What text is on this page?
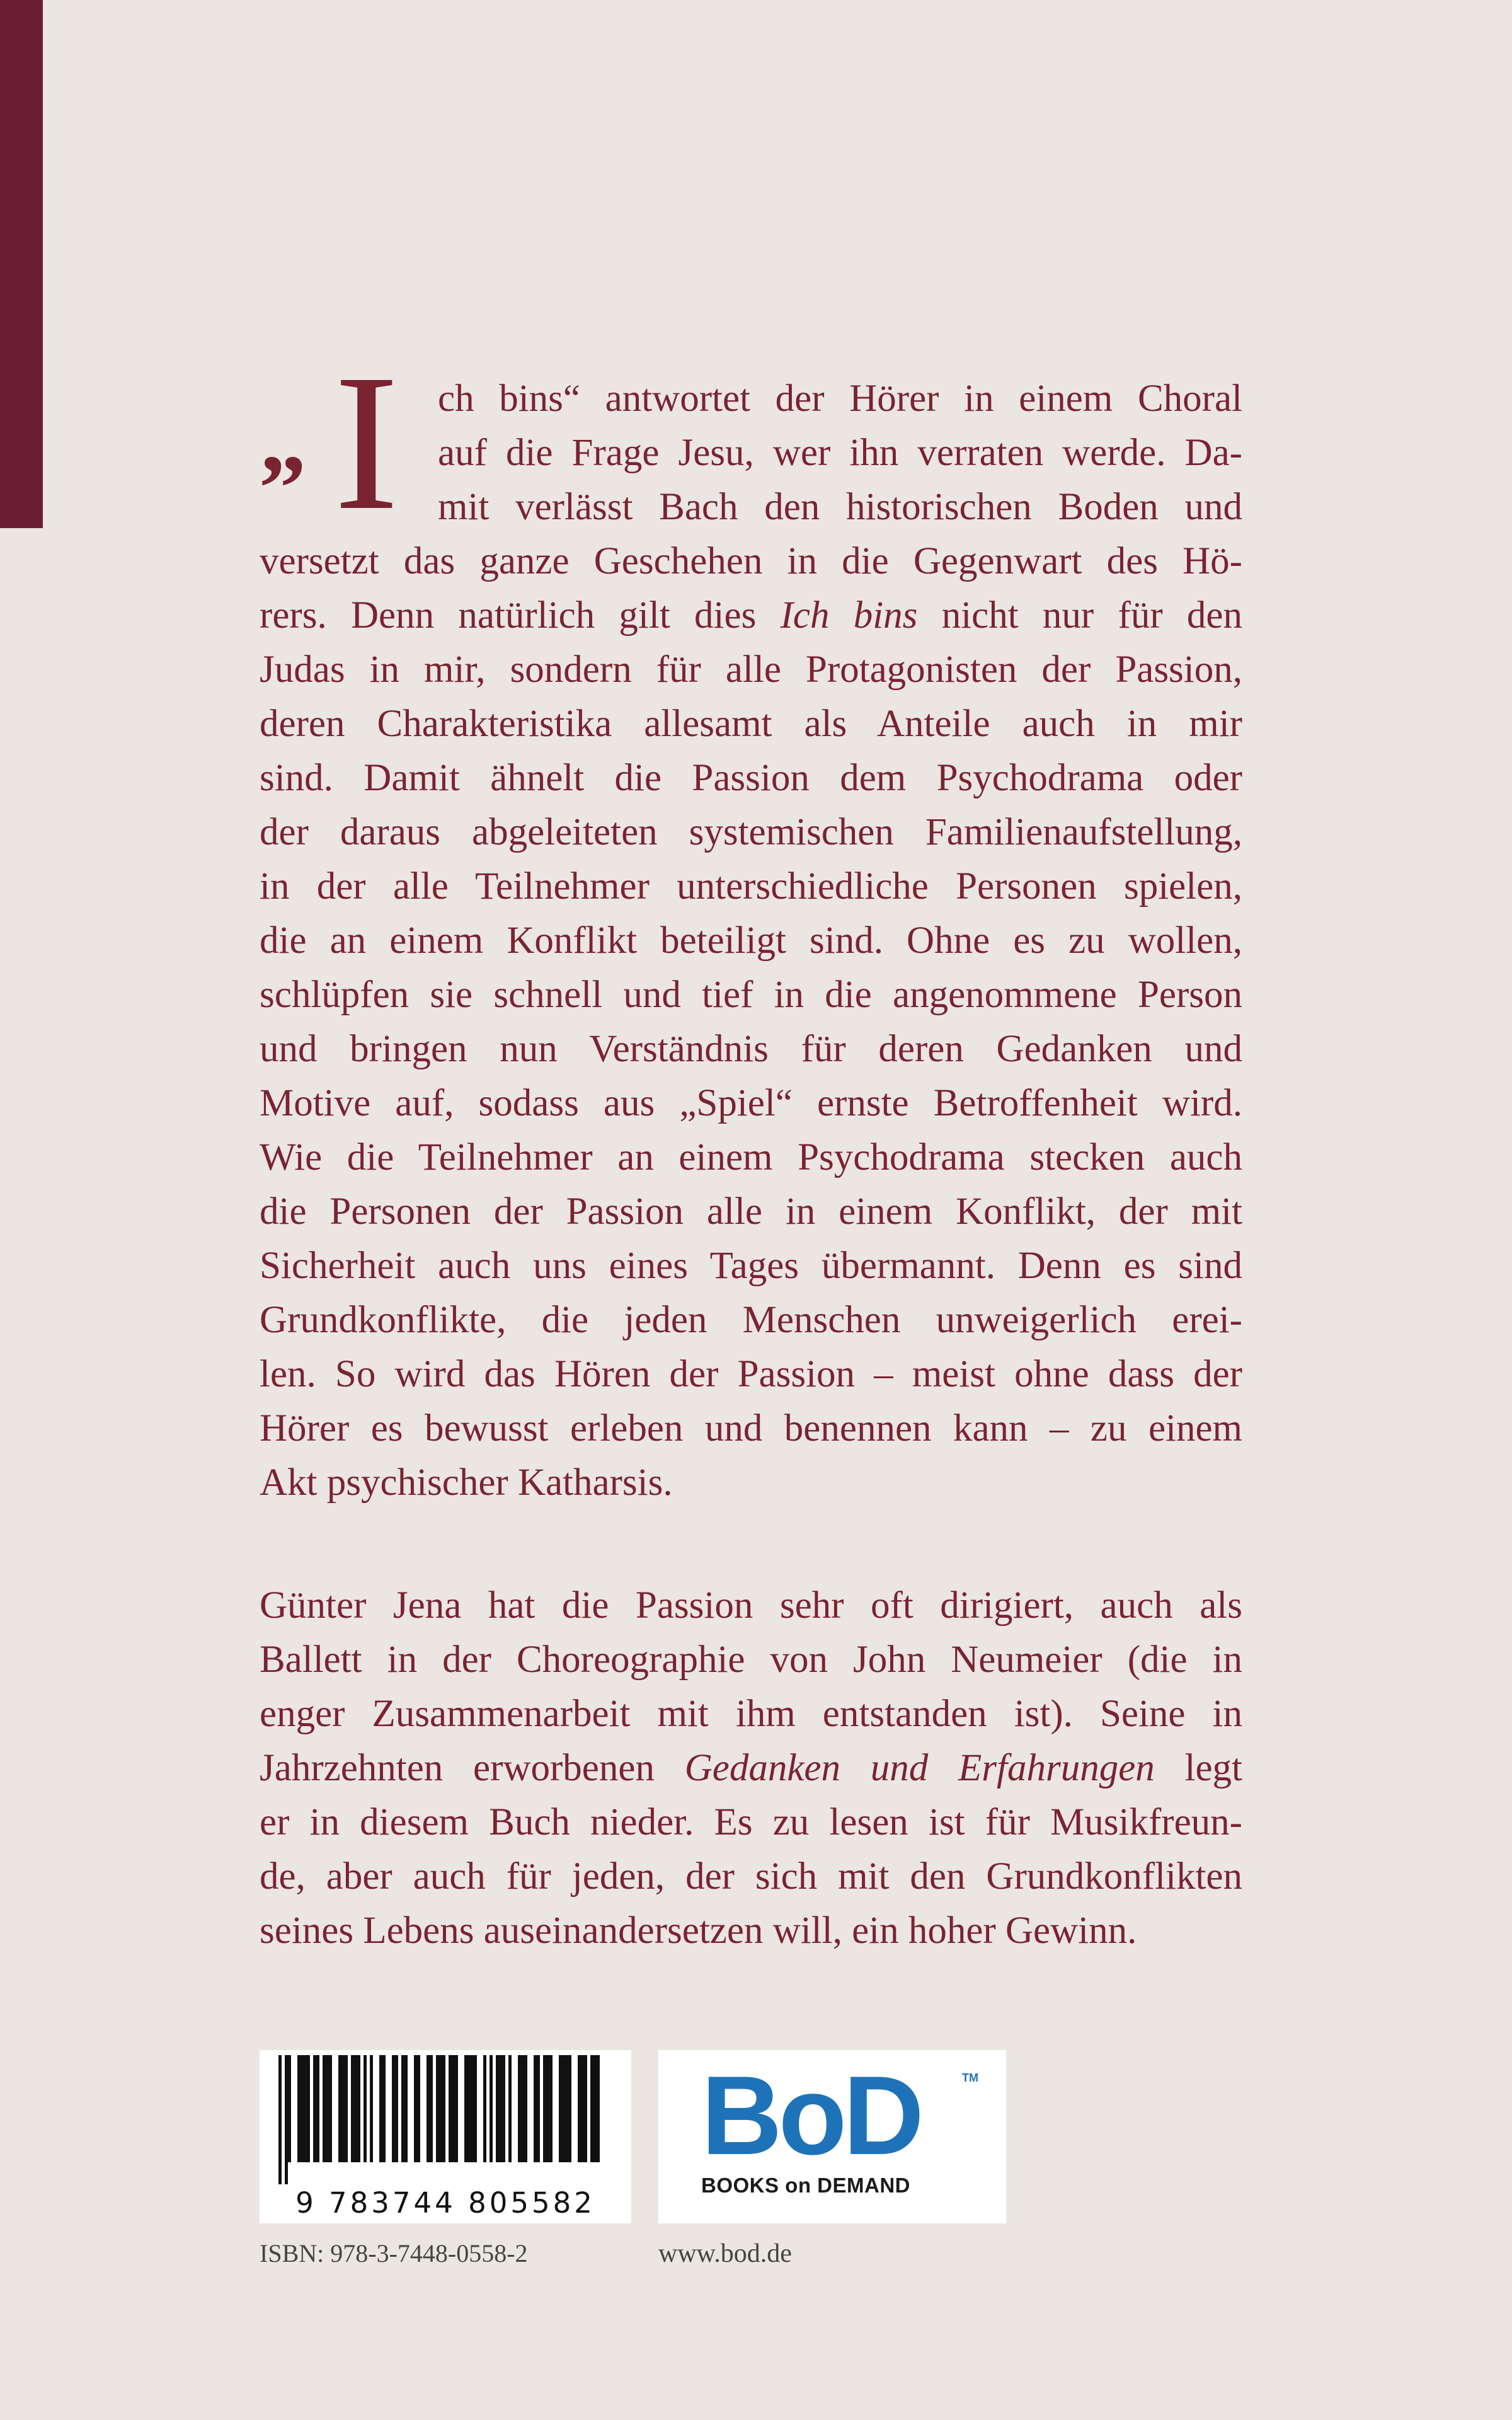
„ I	ch bins“ antwortet der Hörer in einem Choral
auf die Frage Jesu, wer ihn verraten werde. Da-
mit verlässt Bach den historischen Boden und
versetzt das ganze Geschehen in die Gegenwart des Hö-
rers. Denn natürlich gilt dies Ich bins nicht nur für den
Judas in mir, sondern für alle Protagonisten der Passion,
deren Charakteristika allesamt als Anteile auch in mir
sind. Damit ähnelt die Passion dem Psychodrama oder
der daraus abgeleiteten systemischen Familienaufstellung,
in der alle Teilnehmer unterschiedliche Personen spielen,
die an einem Konflikt beteiligt sind. Ohne es zu wollen,
schlüpfen sie schnell und tief in die angenommene Person
und bringen nun Verständnis für deren Gedanken und
Motive auf, sodass aus „Spiel“ ernste Betroffenheit wird.
Wie die Teilnehmer an einem Psychodrama stecken auch
die Personen der Passion alle in einem Konflikt, der mit
Sicherheit auch uns eines Tages übermannt. Denn es sind
Grundkonflikte, die jeden Menschen unweigerlich erei-
len. So wird das Hören der Passion – meist ohne dass der
Hörer es bewusst erleben und benennen kann – zu einem
Akt psychischer Katharsis.
Günter Jena hat die Passion sehr oft dirigiert, auch als
Ballett in der Choreographie von John Neumeier (die in
enger Zusammenarbeit mit ihm entstanden ist). Seine in
Jahrzehnten erworbenen Gedanken und Erfahrungen legt
er in diesem Buch nieder. Es zu lesen ist für Musikfreun-
de, aber auch für jeden, der sich mit den Grundkonflikten
seines Lebens auseinandersetzen will, ein hoher Gewinn.
9 783744 805582
BoD	TM
BOOKS on DEMAND
ISBN: 978-3-7448-0558-2	www.bod.de
